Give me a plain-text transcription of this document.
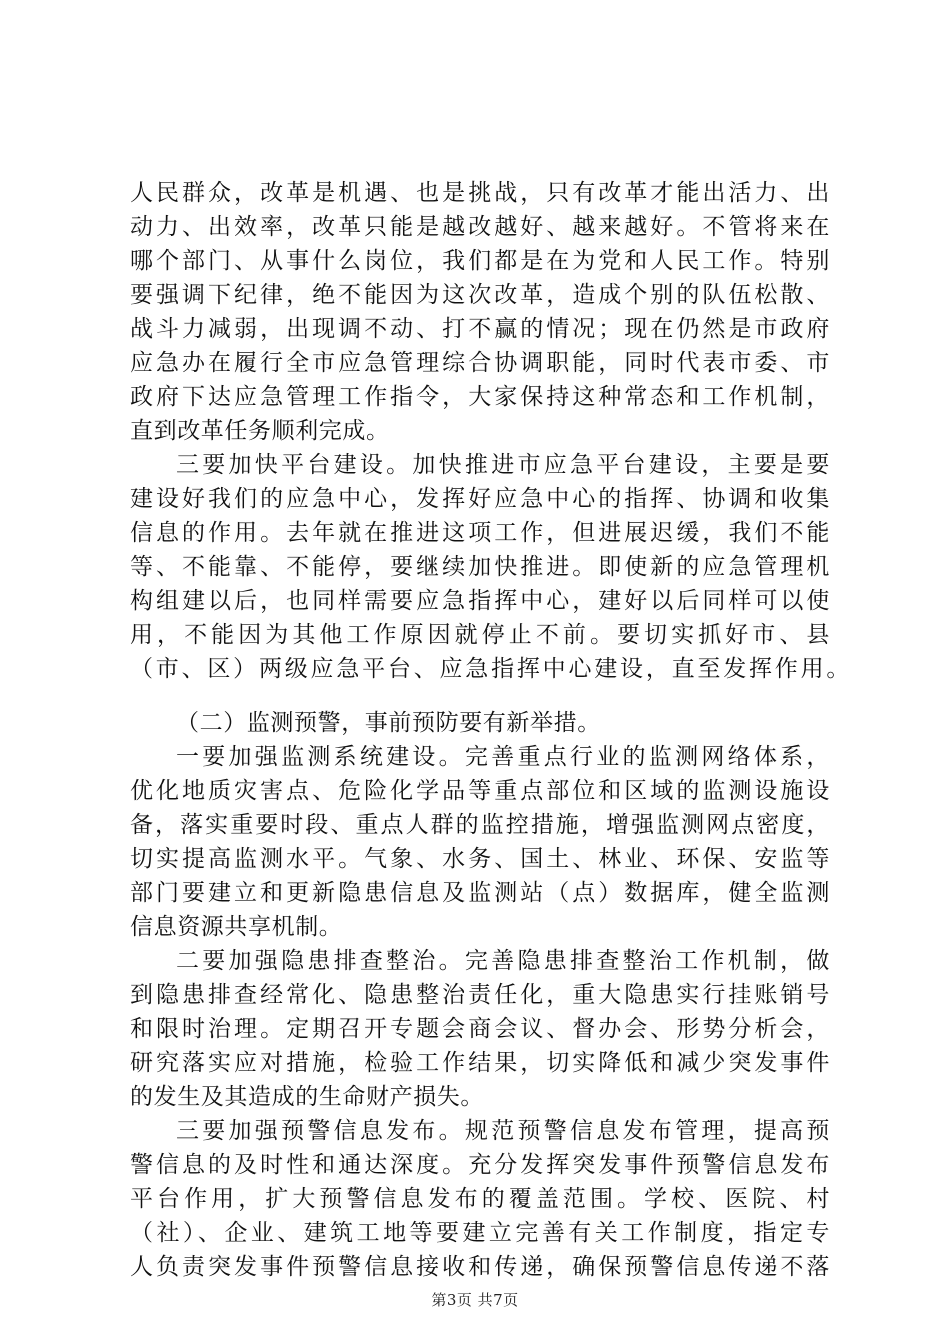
人民群众，改革是机遇、也是挑战，只有改革才能出活力、出
动力、出效率，改革只能是越改越好、越来越好。不管将来在
哪个部门、从事什么岗位，我们都是在为党和人民工作。特别
要强调下纪律，绝不能因为这次改革，造成个别的队伍松散、
战斗力减弱，出现调不动、打不赢的情况；现在仍然是市政府
应急办在履行全市应急管理综合协调职能，同时代表市委、市
政府下达应急管理工作指令，大家保持这种常态和工作机制，
直到改革任务顺利完成。
三要加快平台建设。加快推进市应急平台建设，主要是要
建设好我们的应急中心，发挥好应急中心的指挥、协调和收集
信息的作用。去年就在推进这项工作，但进展迟缓，我们不能
等、不能靠、不能停，要继续加快推进。即使新的应急管理机
构组建以后，也同样需要应急指挥中心，建好以后同样可以使
用，不能因为其他工作原因就停止不前。要切实抓好市、县
（市、区）两级应急平台、应急指挥中心建设，直至发挥作用。
（二）监测预警，事前预防要有新举措。
一要加强监测系统建设。完善重点行业的监测网络体系，
优化地质灾害点、危险化学品等重点部位和区域的监测设施设
备，落实重要时段、重点人群的监控措施，增强监测网点密度，
切实提高监测水平。气象、水务、国土、林业、环保、安监等
部门要建立和更新隐患信息及监测站（点）数据库，健全监测
信息资源共享机制。
二要加强隐患排查整治。完善隐患排查整治工作机制，做
到隐患排查经常化、隐患整治责任化，重大隐患实行挂账销号
和限时治理。定期召开专题会商会议、督办会、形势分析会，
研究落实应对措施，检验工作结果，切实降低和减少突发事件
的发生及其造成的生命财产损失。
三要加强预警信息发布。规范预警信息发布管理，提高预
警信息的及时性和通达深度。充分发挥突发事件预警信息发布
平台作用，扩大预警信息发布的覆盖范围。学校、医院、村
（社）、企业、建筑工地等要建立完善有关工作制度，指定专
人负责突发事件预警信息接收和传递，确保预警信息传递不落
第3页 共7页
